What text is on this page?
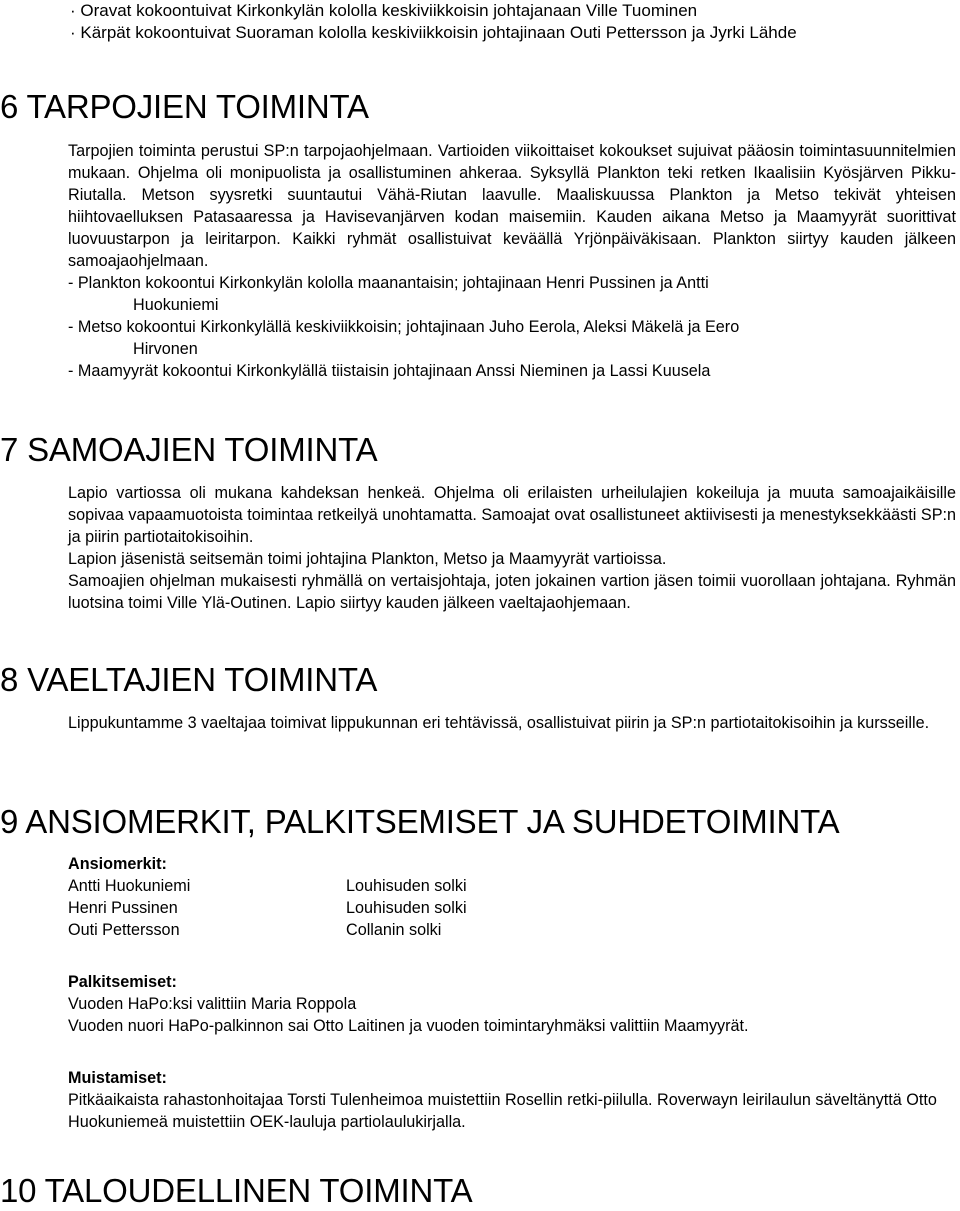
· Oravat kokoontuivat Kirkonkylän kololla keskiviikkoisin johtajanaan Ville Tuominen
· Kärpät kokoontuivat Suoraman kololla keskiviikkoisin johtajinaan Outi Pettersson ja Jyrki Lähde
6 TARPOJIEN TOIMINTA

Tarpojien toiminta perustui SP:n tarpojaohjelmaan. Vartioiden viikoittaiset kokoukset sujuivat pääosin toimintasuunnitelmien mukaan. Ohjelma oli monipuolista ja osallistuminen ahkeraa. Syksyllä Plankton teki retken Ikaalisiin Kyösjärven Pikku-Riutalla. Metson syysretki suuntautui Vähä-Riutan laavulle. Maaliskuussa Plankton ja Metso tekivät yhteisen hiihtovaelluksen Patasaaressa ja Havisevanjärven kodan maisemiin. Kauden aikana Metso ja Maamyyrät suorittivat luovuustarpon ja leiritarpon. Kaikki ryhmät osallistuivat keväällä Yrjönpäiväkisaan. Plankton siirtyy kauden jälkeen samoajaohjelmaan.

- Plankton kokoontui Kirkonkylän kololla maanantaisin; johtajinaan Henri Pussinen ja Antti
Huokuniemi

- Metso kokoontui Kirkonkylällä keskiviikkoisin; johtajinaan Juho Eerola, Aleksi Mäkelä ja Eero
Hirvonen

- Maamyyrät kokoontui Kirkonkylällä tiistaisin johtajinaan Anssi Nieminen ja Lassi Kuusela

7 SAMOAJIEN TOIMINTA

Lapio vartiossa oli mukana kahdeksan henkeä. Ohjelma oli erilaisten urheilulajien kokeiluja ja muuta samoajaikäisille sopivaa vapaamuotoista toimintaa retkeilyä unohtamatta. Samoajat ovat osallistuneet aktiivisesti ja menestyksekkäästi SP:n ja piirin partiotaitokisoihin.

Lapion jäsenistä seitsemän toimi johtajina Plankton, Metso ja Maamyyrät vartioissa.

Samoajien ohjelman mukaisesti ryhmällä on vertaisjohtaja, joten jokainen vartion jäsen toimii vuorollaan johtajana. Ryhmän luotsina toimi Ville Ylä-Outinen. Lapio siirtyy kauden jälkeen vaeltajaohjemaan.

8 VAELTAJIEN TOIMINTA

Lippukuntamme 3 vaeltajaa toimivat lippukunnan eri tehtävissä, osallistuivat piirin ja SP:n partiotaitokisoihin ja kursseille.

9 ANSIOMERKIT, PALKITSEMISET JA SUHDETOIMINTA

Ansiomerkit:

Antti Huokuniemi	Louhisuden solki
Henri Pussinen	Louhisuden solki
Outi Pettersson	Collanin solki

Palkitsemiset:

Vuoden HaPo:ksi valittiin Maria Roppola

Vuoden nuori HaPo-palkinnon sai Otto Laitinen ja vuoden toimintaryhmäksi valittiin Maamyyrät.

Muistamiset:

Pitkäaikaista rahastonhoitajaa Torsti Tulenheimoa muistettiin Rosellin retki-piilulla. Roverwayn leirilaulun säveltänyttä Otto Huokuniemeä muistettiin OEK-lauluja partiolaulukirjalla.

10 TALOUDELLINEN TOIMINTA
